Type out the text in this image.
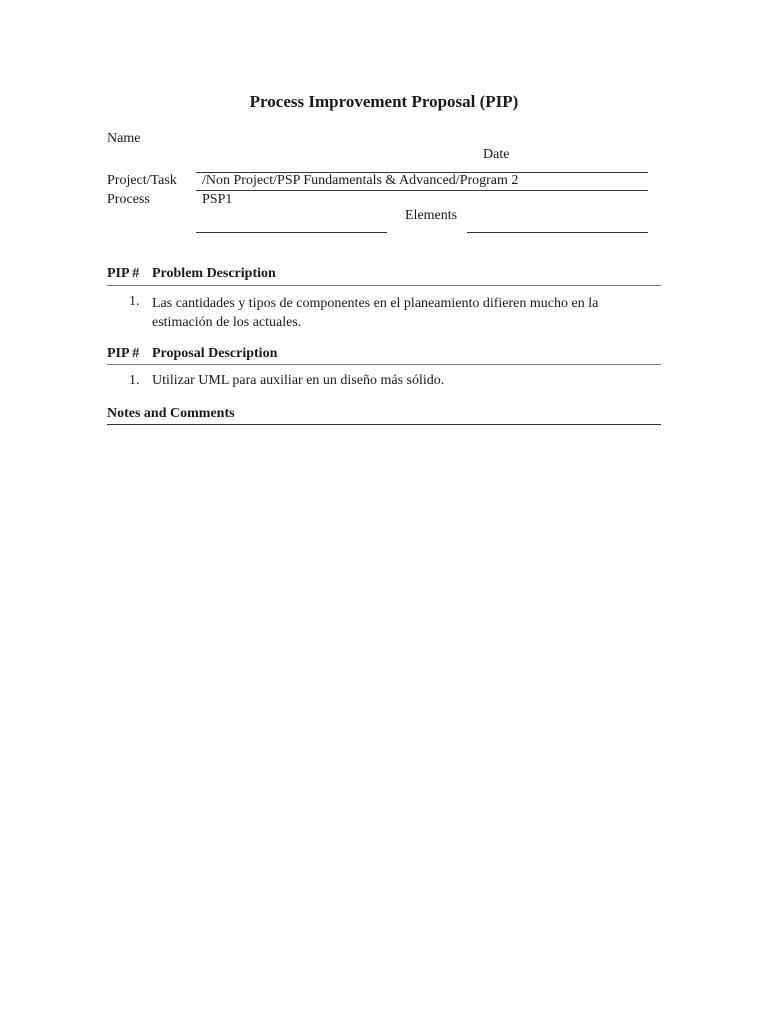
Process Improvement Proposal (PIP)
Name
Date
Project/Task /Non Project/PSP Fundamentals & Advanced/Program 2
Process	PSP1
Elements
PIP # Problem Description
1. Las cantidades y tipos de componentes en el planeamiento difieren mucho en la estimación de los actuales.
PIP # Proposal Description
1. Utilizar UML para auxiliar en un diseño más sólido.
Notes and Comments
